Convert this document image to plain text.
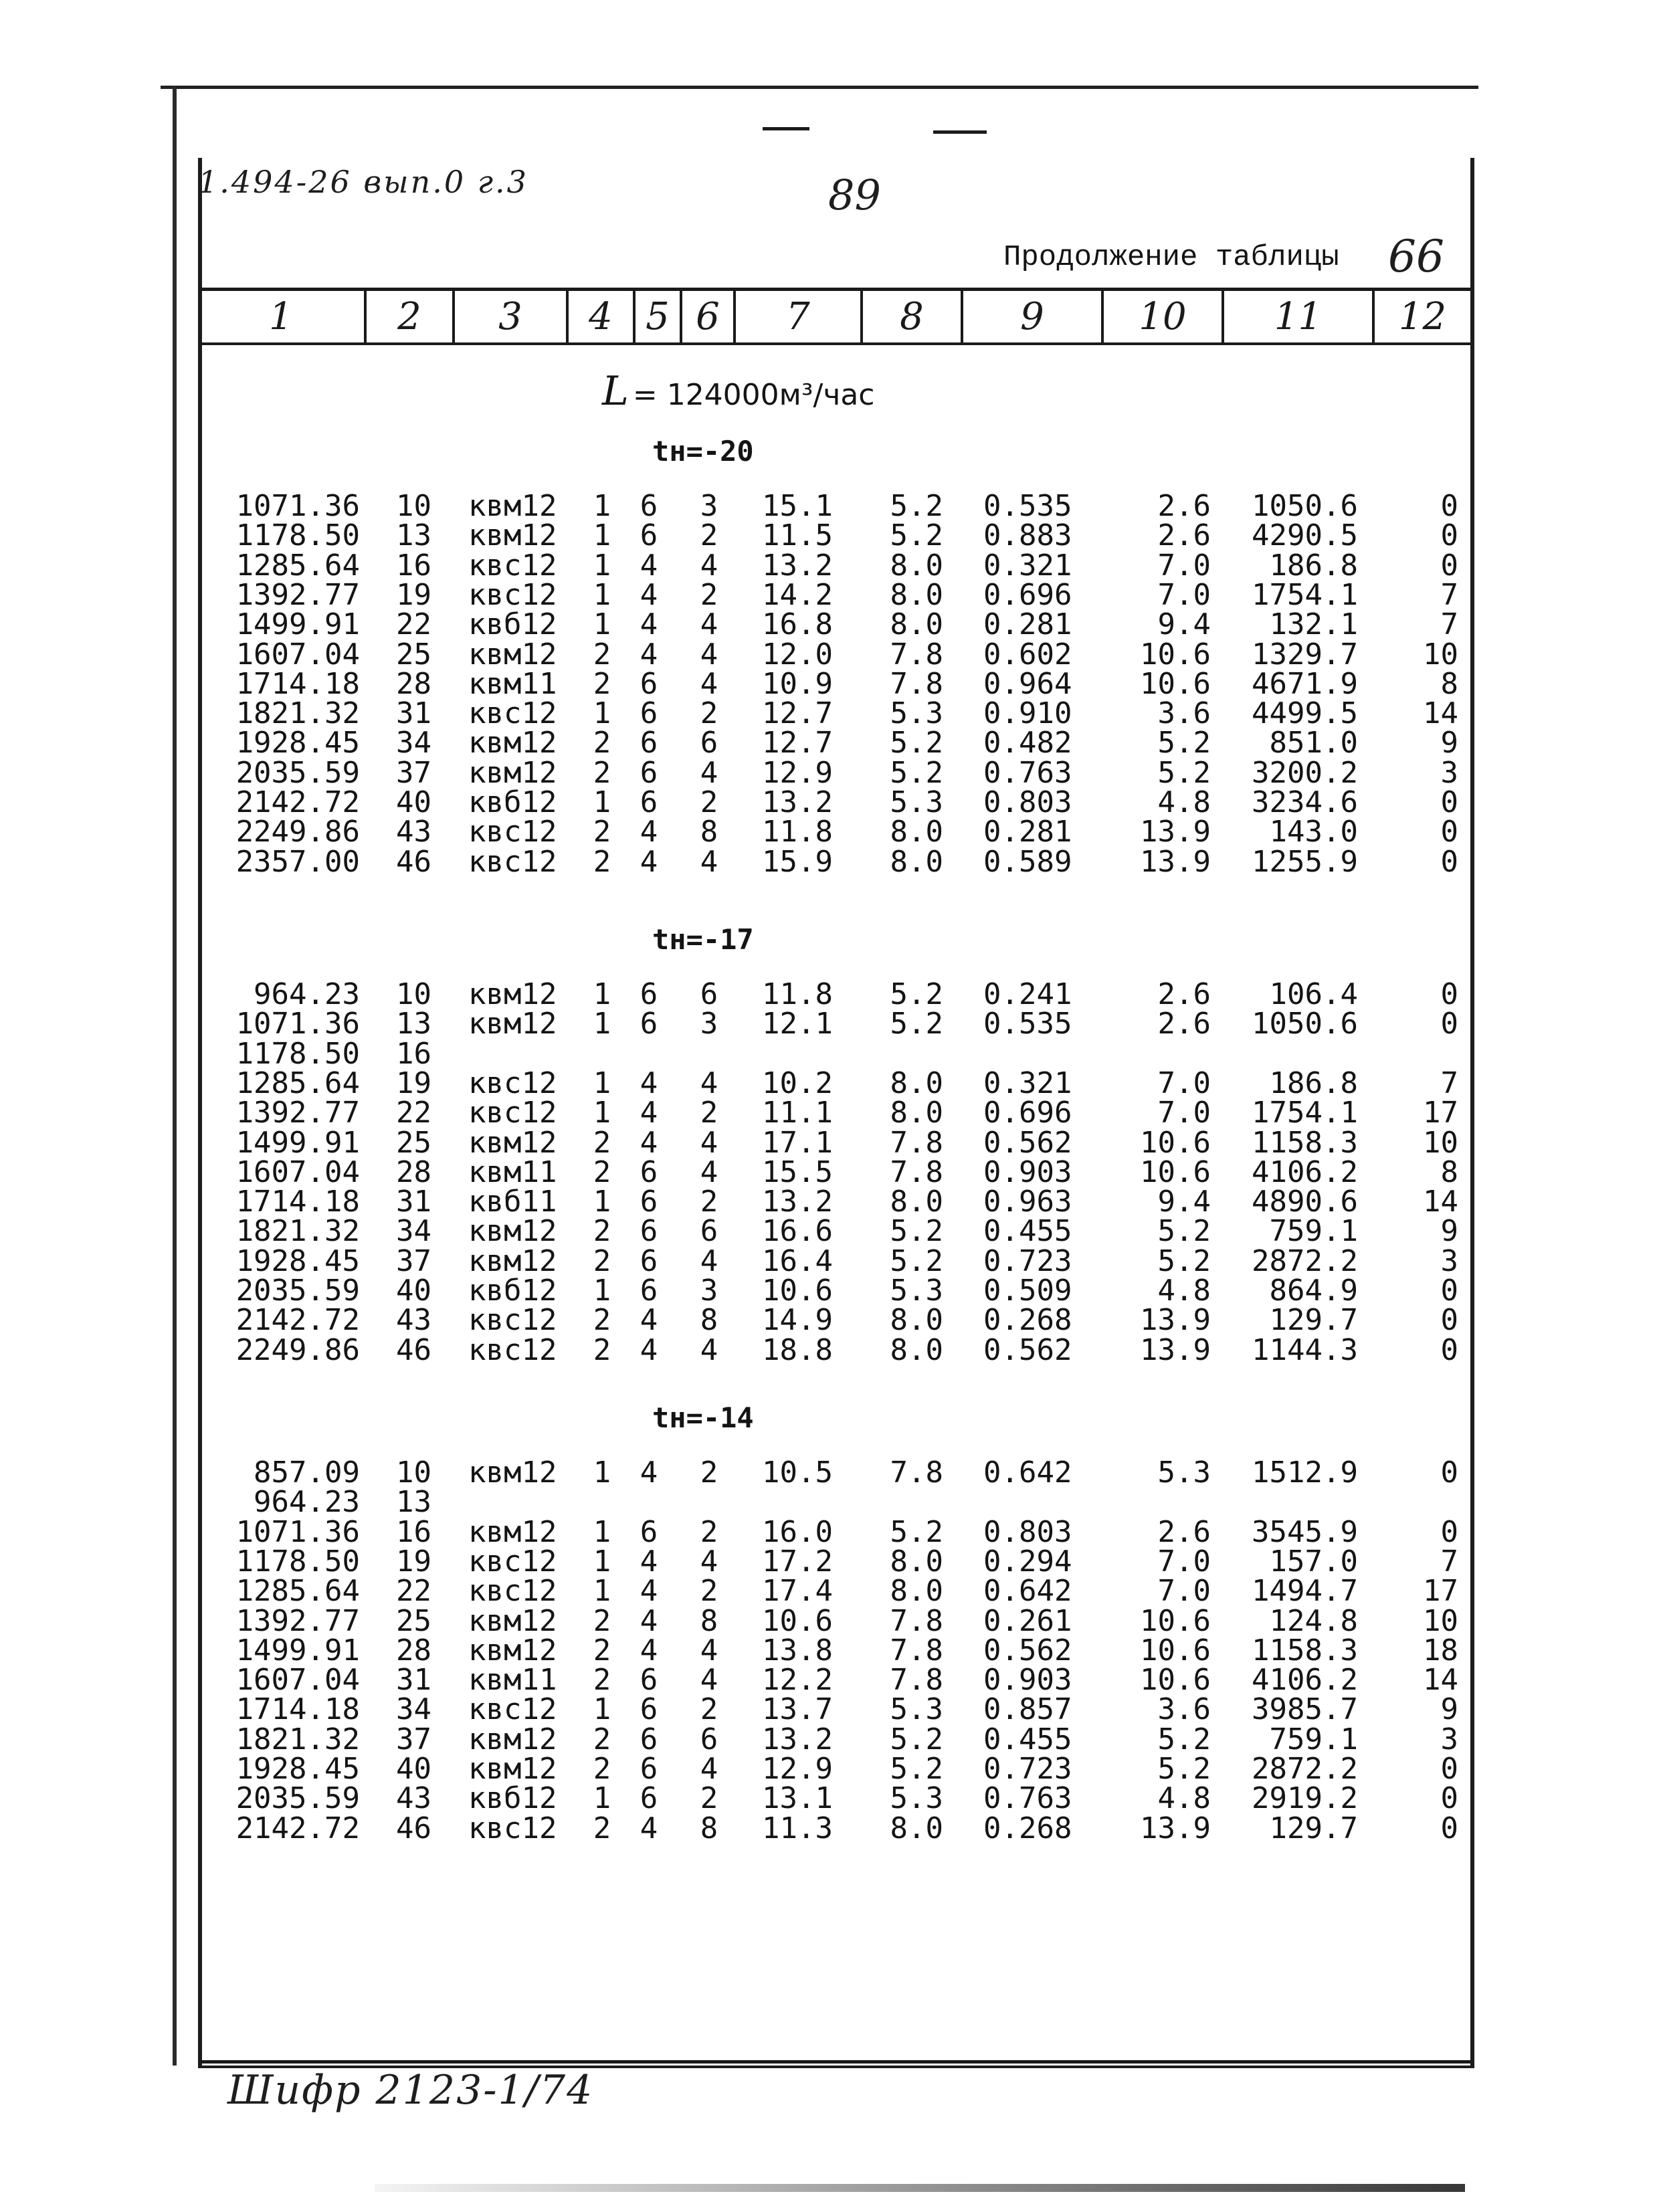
1.494-26 вып.0 г.3	89
Продолжение таблицы 66
1	2	3	4 5 6	7	8	9	10	11	12
L = 124000м³/час
tн=-20
1071.36	10 квм12	1 6 3	15.1	5.2 0.535	2.6	1050.6	0
1178.50	13 квм12	1 6 2	11.5	5.2 0.883	2.6	4290.5	0
1285.64	16 квс12	1 4 4	13.2	8.0 0.321	7.0	186.8	0
1392.77	19 квс12	1 4 2	14.2	8.0 0.696	7.0	1754.1	7
1499.91	22 квб12	1 4 4	16.8	8.0 0.281	9.4	132.1	7
1607.04	25 квм12	2 4 4	12.0	7.8 0.602	10.6	1329.7	10
1714.18	28 квм11	2 6 4	10.9	7.8 0.964	10.6	4671.9	8
1821.32	31 квс12	1 6 2	12.7	5.3 0.910	3.6	4499.5	14
1928.45	34 квм12	2 6 6	12.7	5.2 0.482	5.2	851.0	9
2035.59	37 квм12	2 6 4	12.9	5.2 0.763	5.2	3200.2	3
2142.72	40 квб12	1 6 2	13.2	5.3 0.803	4.8	3234.6	0
2249.86	43 квс12	2 4 8	11.8	8.0 0.281	13.9	143.0	0
2357.00	46 квс12	2 4 4	15.9	8.0 0.589	13.9	1255.9	0
tн=-17
964.23	10 квм12	1 6 6	11.8	5.2 0.241	2.6	106.4	0
1071.36	13 квм12	1 6 3	12.1	5.2 0.535	2.6	1050.6	0
1178.50	16
1285.64	19 квс12	1 4 4	10.2	8.0 0.321	7.0	186.8	7
1392.77	22 квс12	1 4 2	11.1	8.0 0.696	7.0	1754.1	17
1499.91	25 квм12	2 4 4	17.1	7.8 0.562	10.6	1158.3	10
1607.04	28 квм11	2 6 4	15.5	7.8 0.903	10.6	4106.2	8
1714.18	31 квб11	1 6 2	13.2	8.0 0.963	9.4	4890.6	14
1821.32	34 квм12	2 6 6	16.6	5.2 0.455	5.2	759.1	9
1928.45	37 квм12	2 6 4	16.4	5.2 0.723	5.2	2872.2	3
2035.59	40 квб12	1 6 3	10.6	5.3 0.509	4.8	864.9	0
2142.72	43 квс12	2 4 8	14.9	8.0 0.268	13.9	129.7	0
2249.86	46 квс12	2 4 4	18.8	8.0 0.562	13.9	1144.3	0
tн=-14
857.09	10 квм12	1 4 2	10.5	7.8 0.642	5.3	1512.9	0
964.23	13
1071.36	16 квм12	1 6 2	16.0	5.2 0.803	2.6	3545.9	0
1178.50	19 квс12	1 4 4	17.2	8.0 0.294	7.0	157.0	7
1285.64	22 квс12	1 4 2	17.4	8.0 0.642	7.0	1494.7	17
1392.77	25 квм12	2 4 8	10.6	7.8 0.261	10.6	124.8	10
1499.91	28 квм12	2 4 4	13.8	7.8 0.562	10.6	1158.3	18
1607.04	31 квм11	2 6 4	12.2	7.8 0.903	10.6	4106.2	14
1714.18	34 квс12	1 6 2	13.7	5.3 0.857	3.6	3985.7	9
1821.32	37 квм12	2 6 6	13.2	5.2 0.455	5.2	759.1	3
1928.45	40 квм12	2 6 4	12.9	5.2 0.723	5.2	2872.2	0
2035.59	43 квб12	1 6 2	13.1	5.3 0.763	4.8	2919.2	0
2142.72	46 квс12	2 4 8	11.3	8.0 0.268	13.9	129.7	0
Шифр 2123-1/74
